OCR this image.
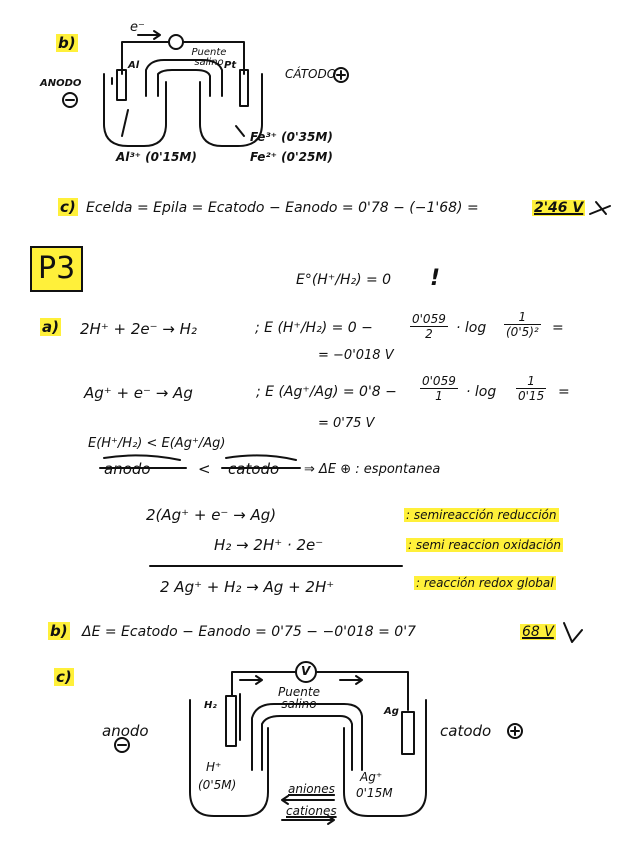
b)
e⁻
Puente salino
ANODO
CÁTODO
Al	Pt
Al³⁺ (0'15M)
Fe³⁺ (0'35M)
Fe²⁺ (0'25M)
c) Ecelda = Epila = Ecatodo − Eanodo = 0'78 − (−1'68) =	2'46 V
P3	E°(H⁺/H₂) = 0 !
a) 2H⁺ + 2e⁻ → H₂	; E (H⁺/H₂) = 0 −	$\frac{0'059}{2} \cdot \log \frac{1}{\text{(0'5)²}}$ =
= −0'018 V
Ag⁺ + e⁻ → Ag	; E $(Ag^+/Ag) = 0'8 - \frac{0'059}{1} \cdot \log \frac{1}{0'15}$ =
= 0'75 V
E(H⁺/H₂) < E(Ag⁺/Ag)
anodo	< catodo ⇒ ΔE ⊕ : espontanea
2(Ag⁺ + e⁻ → Ag)	: semireacción reducción
H₂ → 2H⁺ · 2e⁻	: semi reaccion oxidación
2 Ag⁺ + H₂ → Ag + 2H⁺	: reacción redox global
b) ΔE = Ecatodo − Eanodo = 0'75 − −0'018 = 0'7	68 V
c)
anodo	catodo
V
Puente salino
H₂
Ag
H⁺
(0'5M)
Ag⁺
0'15M
aniones
cationes
